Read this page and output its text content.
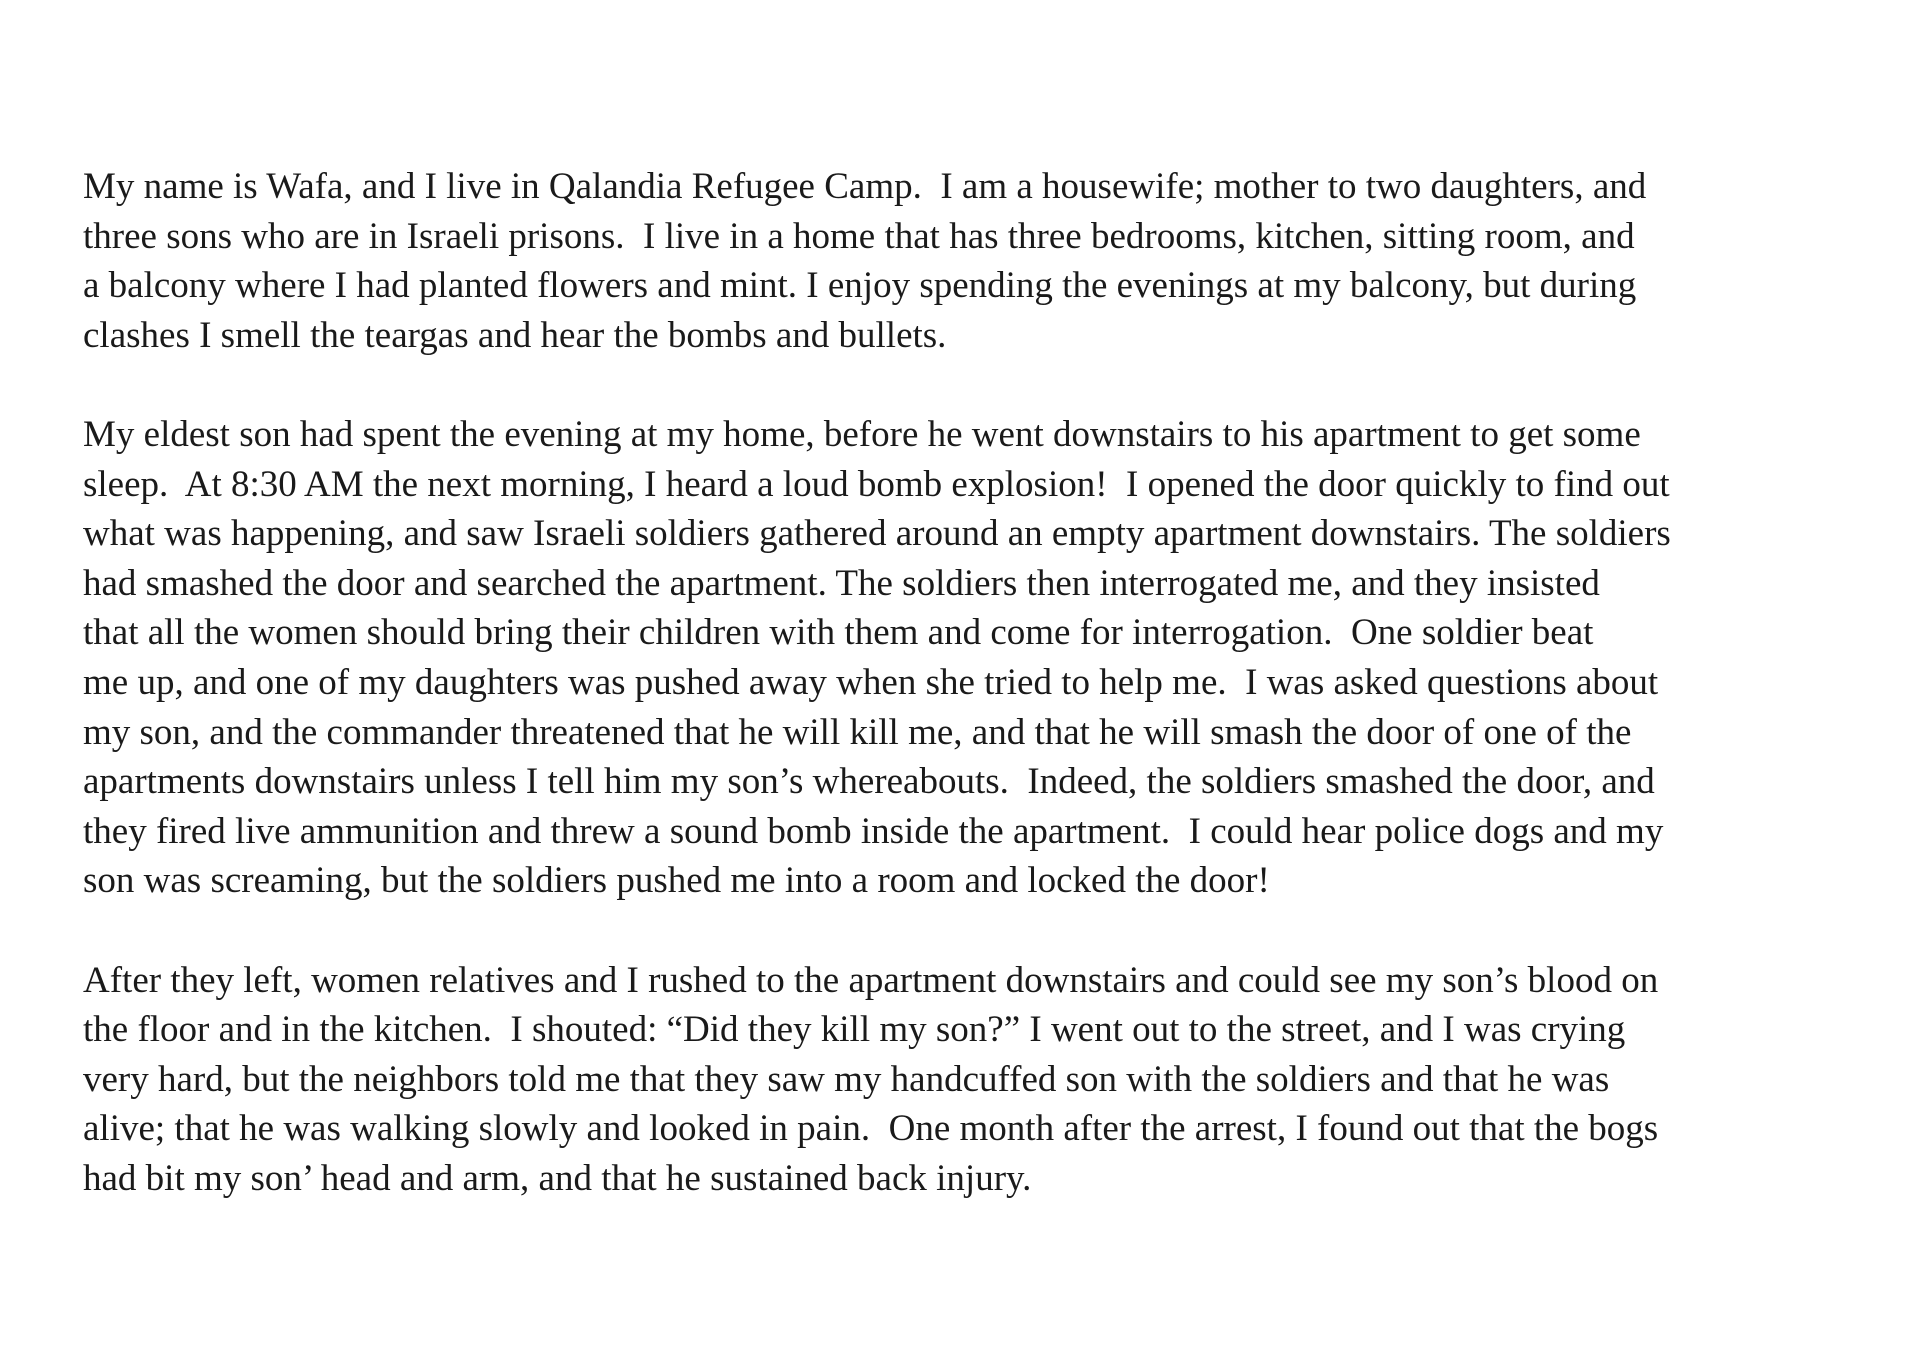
My name is Wafa, and I live in Qalandia Refugee Camp.  I am a housewife; mother to two daughters, and
three sons who are in Israeli prisons.  I live in a home that has three bedrooms, kitchen, sitting room, and
a balcony where I had planted flowers and mint. I enjoy spending the evenings at my balcony, but during
clashes I smell the teargas and hear the bombs and bullets.

My eldest son had spent the evening at my home, before he went downstairs to his apartment to get some
sleep.  At 8:30 AM the next morning, I heard a loud bomb explosion!  I opened the door quickly to find out
what was happening, and saw Israeli soldiers gathered around an empty apartment downstairs. The soldiers
had smashed the door and searched the apartment. The soldiers then interrogated me, and they insisted
that all the women should bring their children with them and come for interrogation.  One soldier beat
me up, and one of my daughters was pushed away when she tried to help me.  I was asked questions about
my son, and the commander threatened that he will kill me, and that he will smash the door of one of the
apartments downstairs unless I tell him my son’s whereabouts.  Indeed, the soldiers smashed the door, and
they fired live ammunition and threw a sound bomb inside the apartment.  I could hear police dogs and my
son was screaming, but the soldiers pushed me into a room and locked the door!

After they left, women relatives and I rushed to the apartment downstairs and could see my son’s blood on
the floor and in the kitchen.  I shouted: “Did they kill my son?” I went out to the street, and I was crying
very hard, but the neighbors told me that they saw my handcuffed son with the soldiers and that he was
alive; that he was walking slowly and looked in pain.  One month after the arrest, I found out that the bogs
had bit my son’ head and arm, and that he sustained back injury.
